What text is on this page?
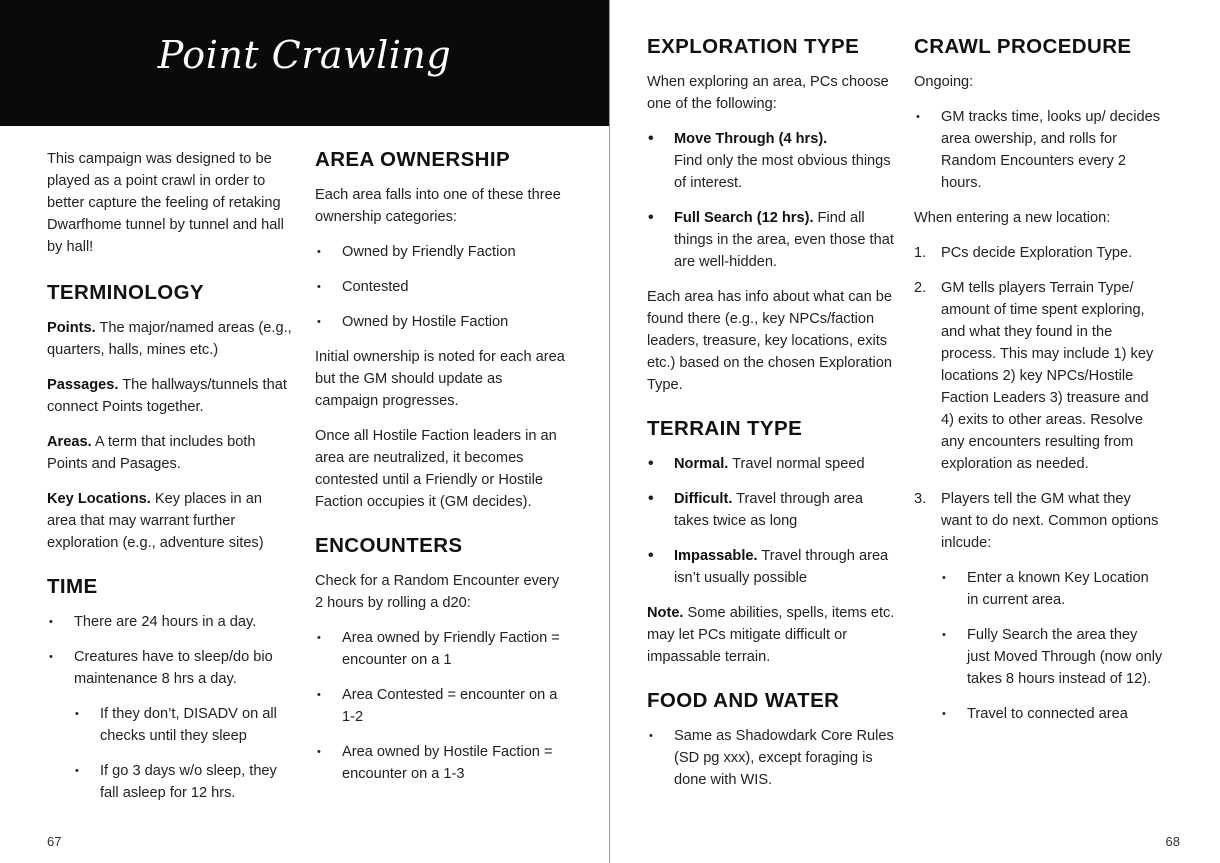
Point Crawling

This campaign was designed to be played as a point crawl in order to better capture the feeling of retaking Dwarfhome tunnel by tunnel and hall by hall!

TERMINOLOGY

Points. The major/named areas (e.g., quarters, halls, mines etc.)

Passages. The hallways/tunnels that connect Points together.

Areas. A term that includes both Points and Pasages.

Key Locations. Key places in an area that may warrant further exploration (e.g., adventure sites)

TIME
• There are 24 hours in a day.
• Creatures have to sleep/do bio maintenance 8 hrs a day.
• If they don’t, DISADV on all checks until they sleep
• If go 3 days w/o sleep, they fall asleep for 12 hrs.
AREA OWNERSHIP

Each area falls into one of these three ownership categories:

• Owned by Friendly Faction
• Contested
• Owned by Hostile Faction

Initial ownership is noted for each area but the GM should update as campaign progresses.

Once all Hostile Faction leaders in an area are neutralized, it becomes contested until a Friendly or Hostile Faction occupies it (GM decides).

ENCOUNTERS

Check for a Random Encounter every 2 hours by rolling a d20:

• Area owned by Friendly Faction = encounter on a 1
• Area Contested = encounter on a 1-2
• Area owned by Hostile Faction = encounter on a 1-3
67
EXPLORATION TYPE

When exploring an area, PCs choose one of the following:

• Move Through (4 hrs).
Find only the most obvious things of interest.
• Full Search (12 hrs). Find all things in the area, even those that are well-hidden.

Each area has info about what can be found there (e.g., key NPCs/faction leaders, treasure, key locations, exits etc.) based on the chosen Exploration Type.

TERRAIN TYPE
• Normal. Travel normal speed
• Difficult. Travel through area takes twice as long
• Impassable. Travel through area isn’t usually possible

Note. Some abilities, spells, items etc. may let PCs mitigate difficult or impassable terrain.

FOOD AND WATER
• Same as Shadowdark Core Rules (SD pg xxx), except foraging is done with WIS.
CRAWL PROCEDURE

Ongoing:

• GM tracks time, looks up/ decides area owership, and rolls for Random Encounters every 2 hours.

When entering a new location:

1. PCs decide Exploration Type.
2. GM tells players Terrain Type/ amount of time spent exploring, and what they found in the process. This may include 1) key locations 2) key NPCs/Hostile Faction Leaders 3) treasure and 4) exits to other areas. Resolve any encounters resulting from exploration as needed.
3. Players tell the GM what they want to do next. Common options inlcude:
• Enter a known Key Location in current area.
• Fully Search the area they just Moved Through (now only takes 8 hours instead of 12).
• Travel to connected area
68
